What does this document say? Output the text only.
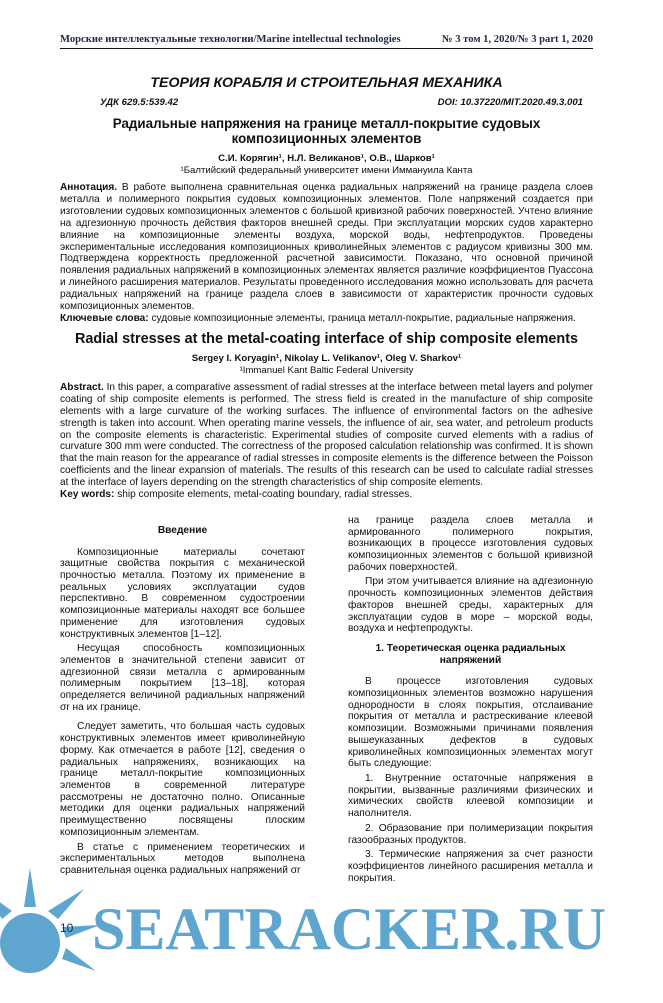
Морские интеллектуальные технологии/Marine intellectual technologies	№ 3 том 1, 2020/№ 3 part 1, 2020
ТЕОРИЯ КОРАБЛЯ И СТРОИТЕЛЬНАЯ МЕХАНИКА
УДК 629.5:539.42	DOI: 10.37220/MIT.2020.49.3.001
Радиальные напряжения на границе металл-покрытие судовых
композиционных элементов
С.И. Корягин¹, Н.Л. Великанов¹, О.В., Шарков¹
¹Балтийский федеральный университет имени Иммануила Канта
Аннотация. В работе выполнена сравнительная оценка радиальных напряжений на границе раздела слоев металла и полимерного покрытия судовых композиционных элементов. Поле напряжений создается при изготовлении судовых композиционных элементов с большой кривизной рабочих поверхностей. Учтено влияние на адгезионную прочность действия факторов внешней среды. При эксплуатации морских судов характерно влияние на композиционные элементы воздуха, морской воды, нефтепродуктов. Проведены экспериментальные исследования композиционных криволинейных элементов с радиусом кривизны 300 мм. Подтверждена корректность предложенной расчетной зависимости. Показано, что основной причиной появления радиальных напряжений в композиционных элементах является различие коэффициентов Пуассона и линейного расширения материалов. Результаты проведенного исследования можно использовать для расчета радиальных напряжений на границе раздела слоев в зависимости от характеристик прочности судовых композиционных элементов.
Ключевые слова: судовые композиционные элементы, граница металл-покрытие, радиальные напряжения.
Radial stresses at the metal-coating interface of ship composite elements
Sergey I. Koryagin¹, Nikolay L. Velikanov¹, Oleg V. Sharkov¹
¹Immanuel Kant Baltic Federal University
Abstract. In this paper, a comparative assessment of radial stresses at the interface between metal layers and polymer coating of ship composite elements is performed. The stress field is created in the manufacture of ship composite elements with a large curvature of the working surfaces. The influence of environmental factors on the adhesive strength is taken into account. When operating marine vessels, the influence of air, sea water, and petroleum products on the composite elements is characteristic. Experimental studies of composite curved elements with a radius of curvature 300 mm were conducted. The correctness of the proposed calculation relationship was confirmed. It is shown that the main reason for the appearance of radial stresses in composite elements is the difference between the Poisson coefficients and the linear expansion of materials. The results of this research can be used to calculate radial stresses at the interface of layers depending on the strength characteristics of ship composite elements.
Key words: ship composite elements, metal-coating boundary, radial stresses.
Введение

Композиционные материалы сочетают защитные свойства покрытия с механической прочностью металла. Поэтому их применение в реальных условиях эксплуатации судов перспективно. В современном судостроении композиционные материалы находят все большее применение для изготовления судовых конструктивных элементов [1–12].

Несущая способность композиционных элементов в значительной степени зависит от адгезионной связи металла с армированным полимерным покрытием [13–18], которая определяется величиной радиальных напряжений σr на их границе.

Следует заметить, что большая часть судовых конструктивных элементов имеет криволинейную форму. Как отмечается в работе [12], сведения о радиальных напряжениях, возникающих на границе металл-покрытие композиционных элементов в современной литературе рассмотрены не достаточно полно. Описанные методики для оценки радиальных напряжений преимущественно посвящены плоским композиционным элементам.

В статье с применением теоретических и экспериментальных методов выполнена сравнительная оценка радиальных напряжений σr

на границе раздела слоев металла и армированного полимерного покрытия, возникающих в процессе изготовления судовых композиционных элементов с большой кривизной рабочих поверхностей.

При этом учитывается влияние на адгезионную прочность композиционных элементов действия факторов внешней среды, характерных для эксплуатации судов в море – морской воды, воздуха и нефтепродукты.

1. Теоретическая оценка радиальных напряжений

В процессе изготовления судовых композиционных элементов возможно нарушения однородности в слоях покрытия, отслаивание покрытия от металла и растрескивание клеевой композиции. Возможными причинами появления вышеуказанных дефектов в судовых криволинейных композиционных элементах могут быть следующие:

1. Внутренние остаточные напряжения в покрытии, вызванные различиями физических и химических свойств клеевой композиции и наполнителя.

2. Образование при полимеризации покрытия газообразных продуктов.

3. Термические напряжения за счет разности коэффициентов линейного расширения металла и покрытия.

10 SEATRACKER.RU
